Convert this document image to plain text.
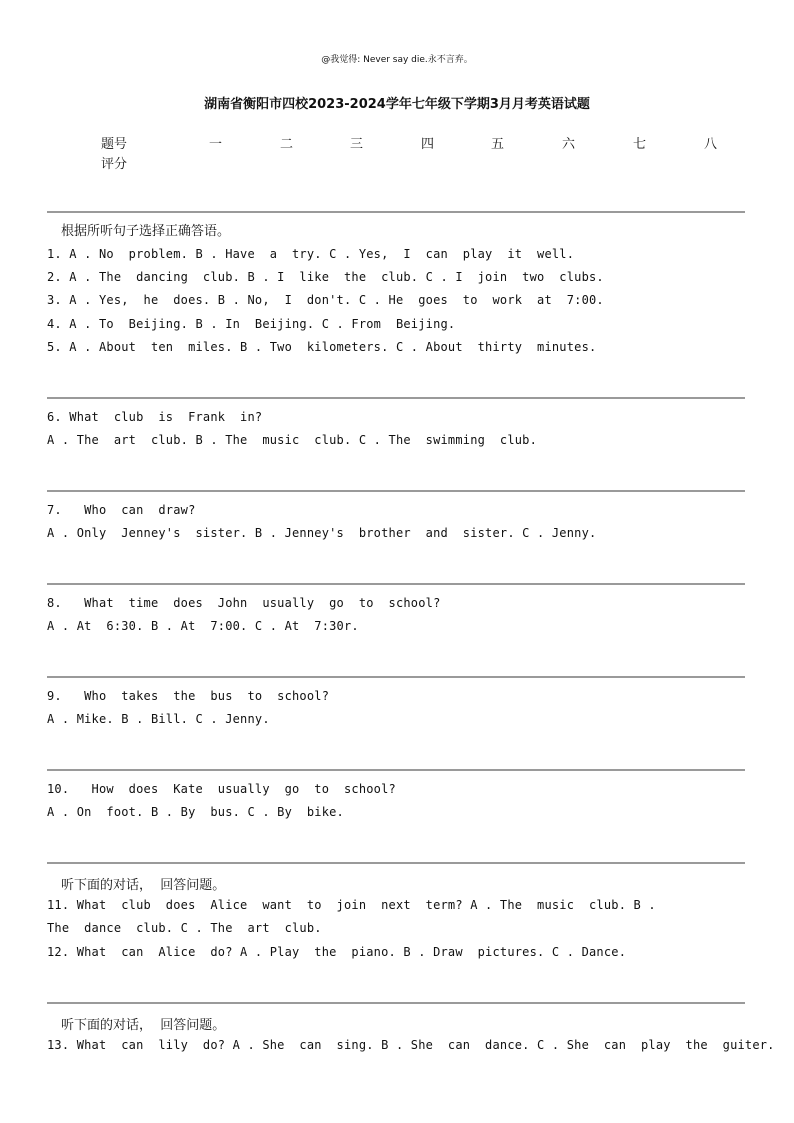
@我觉得: Never say die.永不言弃。
湖南省衡阳市四校2023-2024学年七年级下学期3月月考英语试题
题号	一	二	三	四	五	六	七	八
评分
根据所听句子选择正确答语。
1. A . No  problem. B . Have  a  try. C . Yes,  I  can  play  it  well.
2. A . The  dancing  club. B . I  like  the  club. C . I  join  two  clubs.
3. A . Yes,  he  does. B . No,  I  don't. C . He  goes  to  work  at  7:00.
4. A . To  Beijing. B . In  Beijing. C . From  Beijing.
5. A . About  ten  miles. B . Two  kilometers. C . About  thirty  minutes.
6. What  club  is  Frank  in?
A . The  art  club. B . The  music  club. C . The  swimming  club.
7.   Who  can  draw?
A . Only  Jenney's  sister. B . Jenney's  brother  and  sister. C . Jenny.
8.   What  time  does  John  usually  go  to  school?
A . At  6:30. B . At  7:00. C . At  7:30r.
9.   Who  takes  the  bus  to  school?
A . Mike. B . Bill. C . Jenny.
10.   How  does  Kate  usually  go  to  school?
A . On  foot. B . By  bus. C . By  bike.
听下面的对话，  回答问题。
11. What  club  does  Alice  want  to  join  next  term? A . The  music  club. B .
The  dance  club. C . The  art  club.
12. What  can  Alice  do? A . Play  the  piano. B . Draw  pictures. C . Dance.
听下面的对话，  回答问题。
13. What  can  lily  do? A . She  can  sing. B . She  can  dance. C . She  can  play  the  guiter.
